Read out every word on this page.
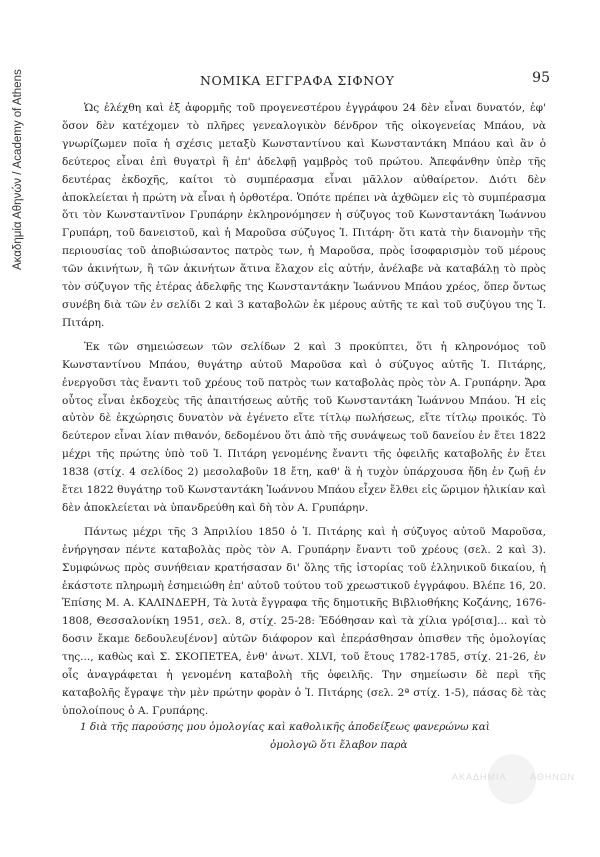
Ακαδημία Αθηνών / Academy of Athens	ΝΟΜΙΚΑ ΕΓΓΡΑΦΑ ΣΙΦΝΟΥ	95

Ὡς ἐλέχθη καὶ ἐξ ἀφορμῆς τοῦ προγενεστέρου ἐγγράφου 24 δὲν εἶναι δυνατόν, ἐφ' ὅσον δὲν κατέχομεν τὸ πλῆρες γενεαλογικὸν δένδρον τῆς οἰκογενείας Μπάου, νὰ γνωρίζωμεν ποῖα ἡ σχέσις μεταξὺ Κωνσταντίνου καὶ Κωνσταντάκη Μπάου καὶ ἂν ὁ δεύτερος εἶναι ἐπὶ θυγατρὶ ἢ ἐπ' ἀδελφῇ γαμβρὸς τοῦ πρώτου. Ἀπεφάνθην ὑπὲρ τῆς δευτέρας ἐκδοχῆς, καίτοι τὸ συμπέρασμα εἶναι μᾶλλον αὐθαίρετον. Διότι δὲν ἀποκλείεται ἡ πρώτη νὰ εἶναι ἡ ὀρθοτέρα. Ὁπότε πρέπει νὰ ἀχθῶμεν εἰς τὸ συμπέρασμα ὅτι τὸν Κωνσταντῖνον Γρυπάρην ἐκληρονόμησεν ἡ σύζυγος τοῦ Κωνσταντάκη Ἰωάννου Γρυπάρη, τοῦ δανειστοῦ, καὶ ἡ Μαροῦσα σύζυγος Ἰ. Πιτάρη· ὅτι κατὰ τὴν διανομὴν τῆς περιουσίας τοῦ ἀποβιώσαντος πατρὸς των, ἡ Μαροῦσα, πρὸς ἰσοφαρισμὸν τοῦ μέρους τῶν ἀκινήτων, ἢ τῶν ἀκινήτων ἅτινα ἔλαχον εἰς αὐτήν, ἀνέλαβε νὰ καταβάλῃ τὸ πρὸς τὸν σύζυγον τῆς ἑτέρας ἀδελφῆς της Κωνσταντάκην Ἰωάννου Μπάου χρέος, ὅπερ ὄντως συνέβη διὰ τῶν ἐν σελίδι 2 καὶ 3 καταβολῶν ἐκ μέρους αὐτῆς τε καὶ τοῦ συζύγου της Ἰ. Πιτάρη.

Ἐκ τῶν σημειώσεων τῶν σελίδων 2 καὶ 3 προκύπτει, ὅτι ἡ κληρονόμος τοῦ Κωνσταντίνου Μπάου, θυγάτηρ αὐτοῦ Μαροῦσα καὶ ὁ σύζυγος αὐτῆς Ἰ. Πιτάρης, ἐνεργοῦσι τὰς ἔναντι τοῦ χρέους τοῦ πατρὸς των καταβολὰς πρὸς τὸν Α. Γρυπάρην. Ἄρα οὗτος εἶναι ἐκδοχεὺς τῆς ἀπαιτήσεως αὐτῆς τοῦ Κωνσταντάκη Ἰωάννου Μπάου. Ἡ εἰς αὐτὸν δὲ ἐκχώρησις δυνατὸν νὰ ἐγένετο εἴτε τίτλῳ πωλήσεως, εἴτε τίτλῳ προικός. Τὸ δεύτερον εἶναι λίαν πιθανόν, δεδομένου ὅτι ἀπὸ τῆς συνάψεως τοῦ δανείου ἐν ἔτει 1822 μέχρι τῆς πρώτης ὑπὸ τοῦ Ἰ. Πιτάρη γενομένης ἔναντι τῆς ὀφειλῆς καταβολῆς ἐν ἔτει 1838 (στίχ. 4 σελίδος 2) μεσολαβοῦν 18 ἔτη, καθ' ἃ ἡ τυχὸν ὑπάρχουσα ἤδη ἐν ζωῇ ἐν ἔτει 1822 θυγάτηρ τοῦ Κωνσταντάκη Ἰωάννου Μπάου εἶχεν ἔλθει εἰς ὥριμον ἡλικίαν καὶ δὲν ἀποκλείεται νὰ ὑπανδρεύθη καὶ δὴ τὸν Α. Γρυπάρην.

Πάντως μέχρι τῆς 3 Ἀπριλίου 1850 ὁ Ἰ. Πιτάρης καὶ ἡ σύζυγος αὐτοῦ Μαροῦσα, ἐνήργησαν πέντε καταβολὰς πρὸς τὸν Α. Γρυπάρην ἔναντι τοῦ χρέους (σελ. 2 καὶ 3). Συμφώνως πρὸς συνήθειαν κρατήσασαν δι' ὅλης τῆς ἱστορίας τοῦ ἑλληνικοῦ δικαίου, ἡ ἑκάστοτε πληρωμὴ ἐσημειώθη ἐπ' αὐτοῦ τούτου τοῦ χρεωστικοῦ ἐγγράφου. Βλέπε 16, 20. Ἐπίσης Μ. Α. ΚΑΛΙΝΔΕΡΗ, Τὰ λυτὰ ἔγγραφα τῆς δημοτικῆς Βιβλιοθήκης Κοζάνης, 1676-1808, Θεσσαλονίκη 1951, σελ. 8, στίχ. 25-28: Ἐδόθησαν καὶ τὰ χίλια γρό[σια]... καὶ τὸ δοσιν ἔκαμε δεδουλευ[ένον] αὐτῶν διάφορον καὶ ἐπεράσθησαν ὀπισθεν τῆς ὁμολογίας της..., καθὼς καὶ Σ. ΣΚΟΠΕΤΕΑ, ἐνθ' ἀνωτ. XLVI, τοῦ ἔτους 1782-1785, στίχ. 21-26, ἐν οἷς ἀναγράφεται ἡ γενομένη καταβολὴ τῆς ὀφειλῆς. Την σημείωσιν δὲ περὶ τῆς καταβολῆς ἔγραψε τὴν μὲν πρώτην φορὰν ὁ Ἰ. Πιτάρης (σελ. 2ª στίχ. 1-5), πάσας δὲ τὰς ὑπολοίπους ὁ Α. Γρυπάρης.

1 διὰ τῆς παρούσης μου ὁμολογίας καὶ καθολικῆς ἀποδείξεως φανερώνω καὶ
ὁμολογῶ ὅτι ἔλαβον παρὰ
ΑΚΑΔΗΜΙΑ	ΑΘΗΝΩΝ
